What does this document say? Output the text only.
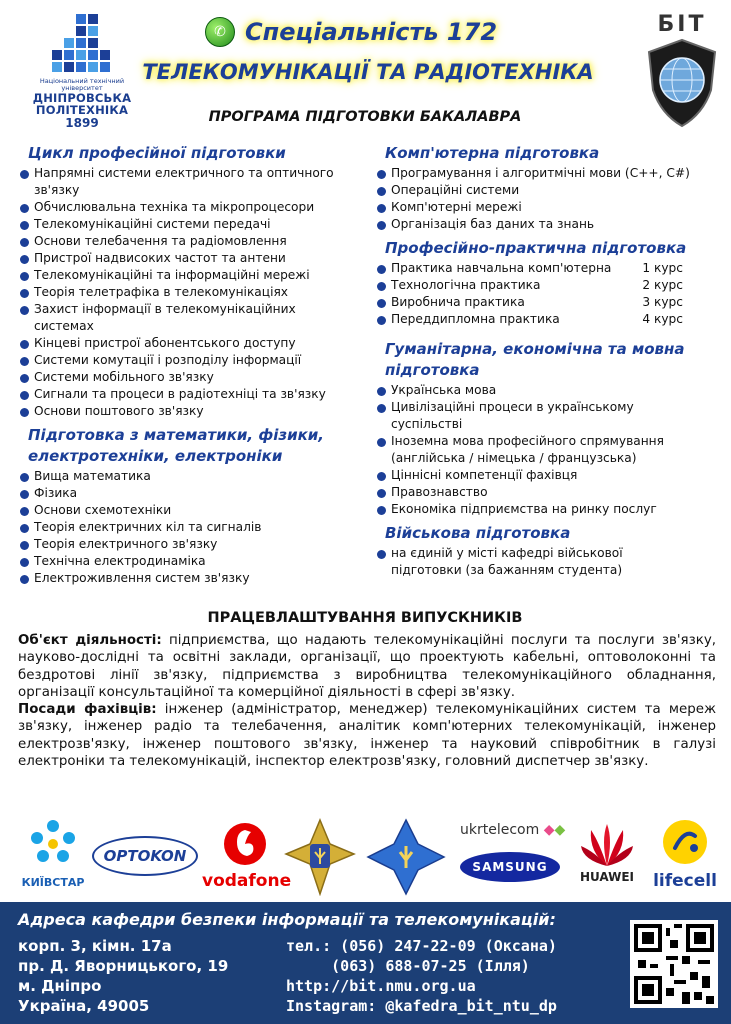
Національний технічний університет
ДНІПРОВСЬКА
ПОЛІТЕХНІКА
1899
✆ Спеціальність 172
ТЕЛЕКОМУНІКАЦІЇ ТА РАДІОТЕХНІКА
БІТ
ПРОГРАМА ПІДГОТОВКИ БАКАЛАВРА
Цикл професійної підготовки
Напрямні системи електричного та оптичного
зв'язку
Обчислювальна техніка та мікропроцесори
Телекомунікаційні системи передачі
Основи телебачення та радіомовлення
Пристрої надвисоких частот та антени
Телекомунікаційні та інформаційні мережі
Теорія телетрафіка в телекомунікаціях
Захист інформації в телекомунікаційних
системах
Кінцеві пристрої абонентського доступу
Системи комутації і розподілу інформації
Системи мобільного зв'язку
Сигнали та процеси в радіотехніці та зв'язку
Основи поштового зв'язку
Підготовка з математики, фізики,
електротехніки, електроніки
Вища математика
Фізика
Основи схемотехніки
Теорія електричних кіл та сигналів
Теорія електричного зв'язку
Технічна електродинаміка
Електроживлення систем зв'язку
Комп'ютерна підготовка
Програмування і алгоритмічні мови (С++, С#)
Операційні системи
Комп'ютерні мережі
Організація баз даних та знань
Професійно-практична підготовка
Практика навчальна комп'ютерна	1 курс
Технологічна практика	2 курс
Виробнича практика	3 курс
Переддипломна практика	4 курс
Гуманітарна, економічна та мовна
підготовка
Українська мова
Цивілізаційні процеси в українському
суспільстві
Іноземна мова професійного спрямування
(англійська / німецька / французська)
Ціннісні компетенції фахівця
Правознавство
Економіка підприємства на ринку послуг
Військова підготовка
на єдиній у місті кафедрі військової
підготовки (за бажанням студента)
ПРАЦЕВЛАШТУВАННЯ ВИПУСКНИКІВ

Об'єкт діяльності: підприємства, що надають телекомунікаційні послуги та послуги зв'язку, науково-дослідні та освітні заклади, організації, що проектують кабельні, оптоволоконні та бездротові лінії зв'язку, підприємства з виробництва телекомунікаційного обладнання, організації консультаційної та комерційної діяльності в сфері зв'язку.

Посади фахівців: інженер (адміністратор, менеджер) телекомунікаційних систем та мереж зв'язку, інженер радіо та телебачення, аналітик комп'ютерних телекомунікацій, інженер електрозв'язку, інженер поштового зв'язку, інженер та науковий співробітник в галузі електроніки та телекомунікацій, інспектор електрозв'язку, головний диспетчер зв'язку.

КИЇВСТАР
OPTOKON
vodafone
ukrtelecom ◆◆
SAMSUNG
HUAWEI	lifecell
Адреса кафедри безпеки інформації та телекомунікацій:
корп. 3, кімн. 17а
пр. Д. Яворницького, 19
м. Дніпро
Україна, 49005
тел.: (056) 247-22-09 (Оксана)
(063) 688-07-25 (Ілля)
http://bit.nmu.org.ua
Instagram: @kafedra_bit_ntu_dp
